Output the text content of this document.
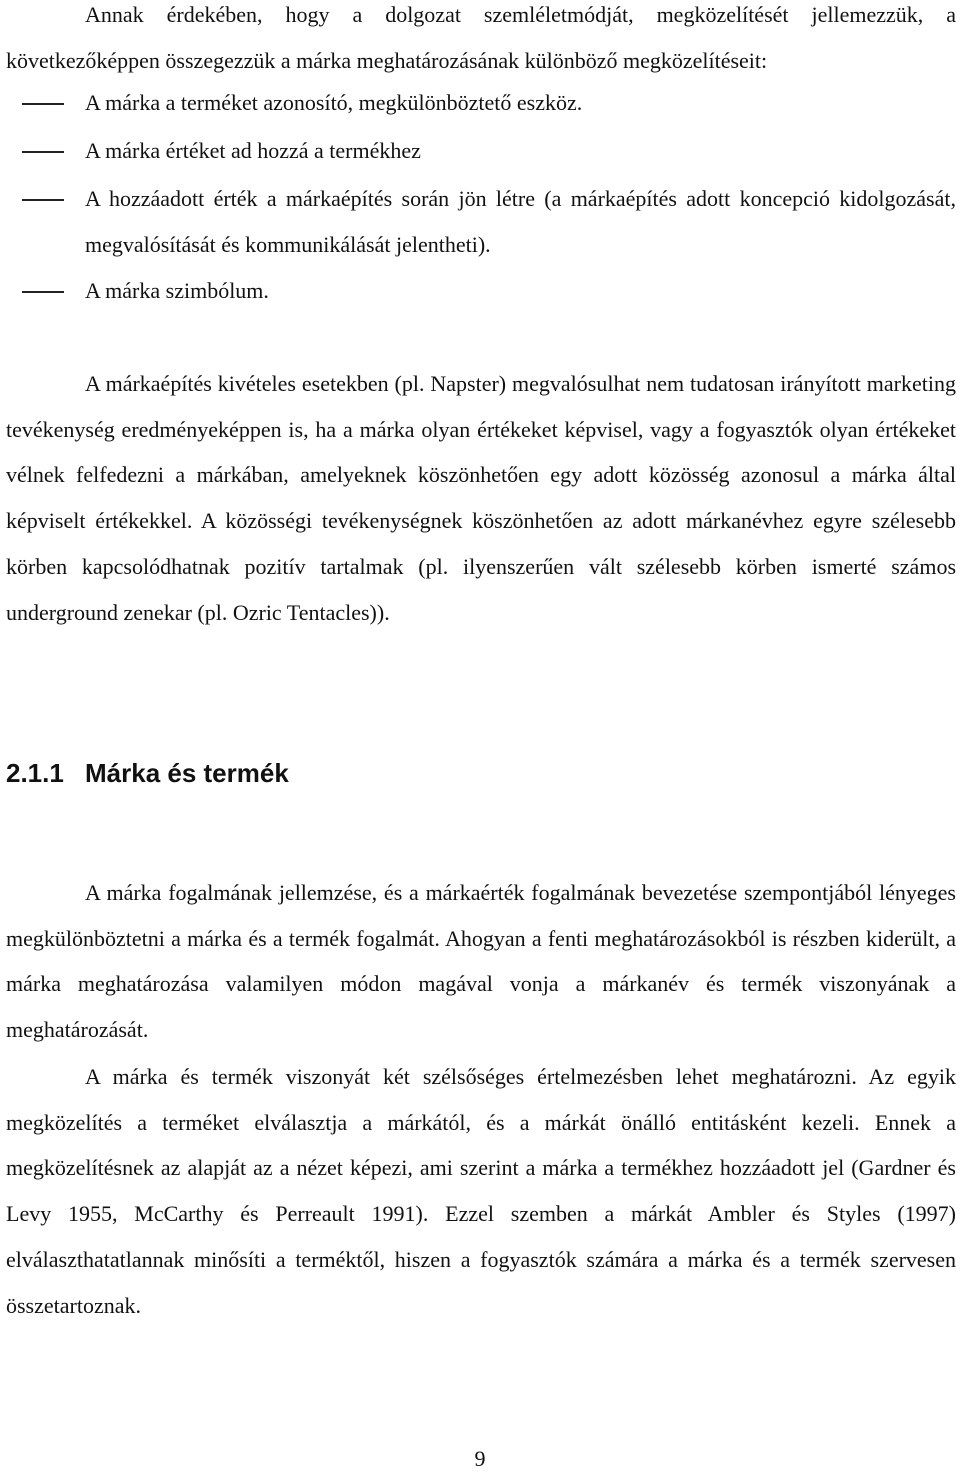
Annak érdekében, hogy a dolgozat szemléletmódját, megközelítését jellemezzük, a következőképpen összegezzük a márka meghatározásának különböző megközelítéseit:

A márka a terméket azonosító, megkülönböztető eszköz.
A márka értéket ad hozzá a termékhez
A hozzáadott érték a márkaépítés során jön létre (a márkaépítés adott koncepció kidolgozását, megvalósítását és kommunikálását jelentheti).
A márka szimbólum.

A márkaépítés kivételes esetekben (pl. Napster) megvalósulhat nem tudatosan irányított marketing tevékenység eredményeképpen is, ha a márka olyan értékeket képvisel, vagy a fogyasztók olyan értékeket vélnek felfedezni a márkában, amelyeknek köszönhetően egy adott közösség azonosul a márka által képviselt értékekkel. A közösségi tevékenységnek köszönhetően az adott márkanévhez egyre szélesebb körben kapcsolódhatnak pozitív tartalmak (pl. ilyenszerűen vált szélesebb körben ismerté számos underground zenekar (pl. Ozric Tentacles)).

2.1.1 Márka és termék

A márka fogalmának jellemzése, és a márkaérték fogalmának bevezetése szempontjából lényeges megkülönböztetni a márka és a termék fogalmát. Ahogyan a fenti meghatározásokból is részben kiderült, a márka meghatározása valamilyen módon magával vonja a márkanév és termék viszonyának a meghatározását.

A márka és termék viszonyát két szélsőséges értelmezésben lehet meghatározni. Az egyik megközelítés a terméket elválasztja a márkától, és a márkát önálló entitásként kezeli. Ennek a megközelítésnek az alapját az a nézet képezi, ami szerint a márka a termékhez hozzáadott jel (Gardner és Levy 1955, McCarthy és Perreault 1991). Ezzel szemben a márkát Ambler és Styles (1997) elválaszthatatlannak minősíti a terméktől, hiszen a fogyasztók számára a márka és a termék szervesen összetartoznak.

9
